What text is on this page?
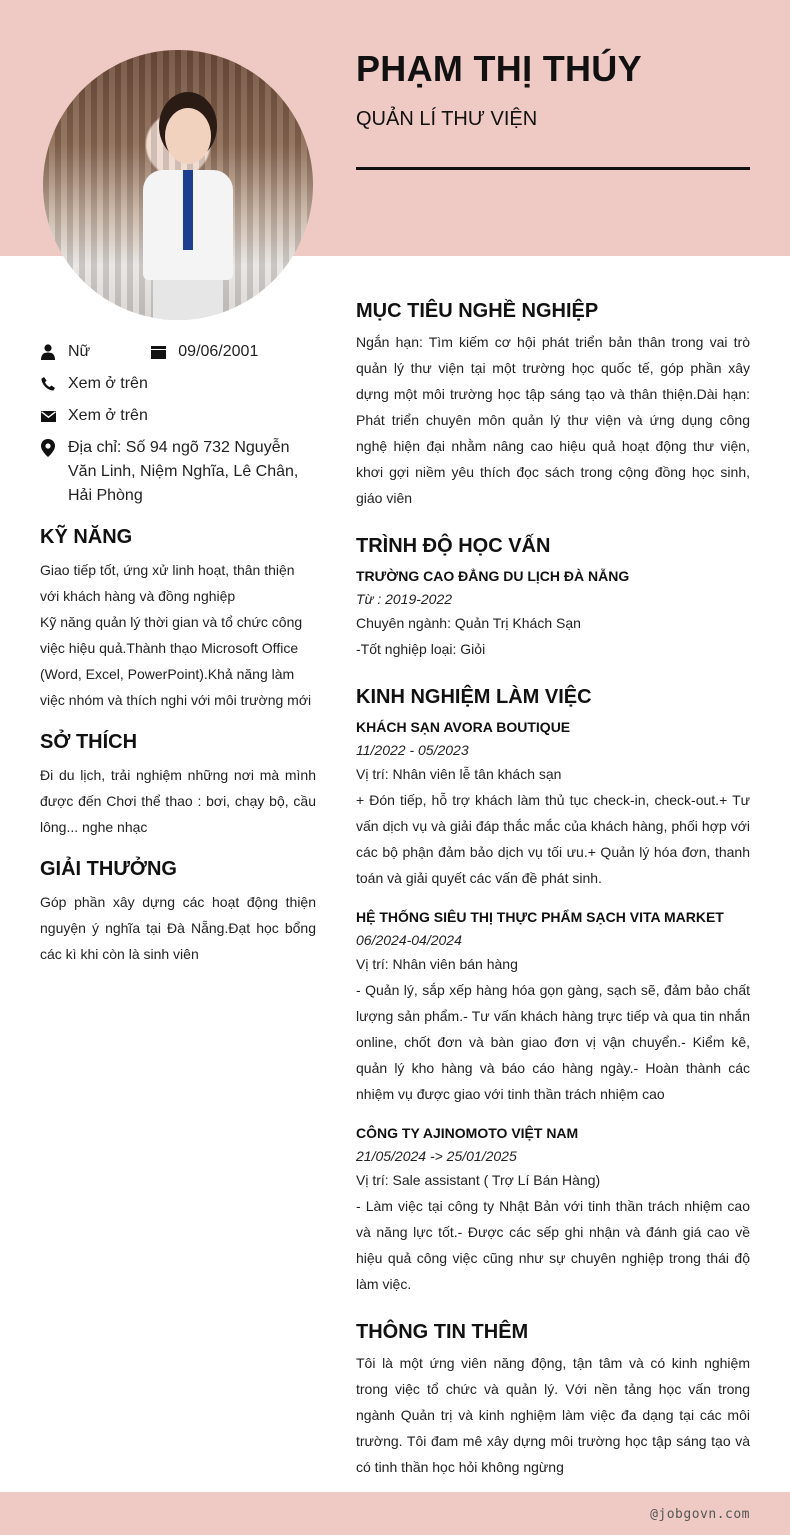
PHẠM THỊ THÚY
QUẢN LÍ THƯ VIỆN
Nữ	09/06/2001
Xem ở trên
Xem ở trên
Địa chỉ: Số 94 ngõ 732 Nguyễn Văn Linh, Niệm Nghĩa, Lê Chân, Hải Phòng
KỸ NĂNG
Giao tiếp tốt, ứng xử linh hoạt, thân thiện với khách hàng và đồng nghiệp
Kỹ năng quản lý thời gian và tổ chức công việc hiệu quả.Thành thạo Microsoft Office (Word, Excel, PowerPoint).Khả năng làm việc nhóm và thích nghi với môi trường mới
SỞ THÍCH
Đi du lịch, trải nghiệm những nơi mà mình được đến Chơi thể thao : bơi, chạy bộ, cầu lông... nghe nhạc
GIẢI THƯỞNG
Góp phần xây dựng các hoạt động thiện nguyện ý nghĩa tại Đà Nẵng.Đạt học bổng các kì khi còn là sinh viên
MỤC TIÊU NGHỀ NGHIỆP
Ngắn hạn: Tìm kiếm cơ hội phát triển bản thân trong vai trò quản lý thư viện tại một trường học quốc tế, góp phần xây dựng một môi trường học tập sáng tạo và thân thiện.Dài hạn: Phát triển chuyên môn quản lý thư viện và ứng dụng công nghệ hiện đại nhằm nâng cao hiệu quả hoạt động thư viện, khơi gợi niềm yêu thích đọc sách trong cộng đồng học sinh, giáo viên
TRÌNH ĐỘ HỌC VẤN
TRƯỜNG CAO ĐẲNG DU LỊCH ĐÀ NẴNG
Từ : 2019-2022
Chuyên ngành: Quản Trị Khách Sạn
-Tốt nghiệp loại: Giỏi
KINH NGHIỆM LÀM VIỆC
KHÁCH SẠN AVORA BOUTIQUE
11/2022 - 05/2023
Vị trí: Nhân viên lễ tân khách sạn
+ Đón tiếp, hỗ trợ khách làm thủ tục check-in, check-out.+ Tư vấn dịch vụ và giải đáp thắc mắc của khách hàng, phối hợp với các bộ phận đảm bảo dịch vụ tối ưu.+ Quản lý hóa đơn, thanh toán và giải quyết các vấn đề phát sinh.
HỆ THỐNG SIÊU THỊ THỰC PHẨM SẠCH VITA MARKET
06/2024-04/2024
Vị trí: Nhân viên bán hàng
- Quản lý, sắp xếp hàng hóa gọn gàng, sạch sẽ, đảm bảo chất lượng sản phẩm.- Tư vấn khách hàng trực tiếp và qua tin nhắn online, chốt đơn và bàn giao đơn vị vận chuyển.- Kiểm kê, quản lý kho hàng và báo cáo hàng ngày.- Hoàn thành các nhiệm vụ được giao với tinh thần trách nhiệm cao
CÔNG TY AJINOMOTO VIỆT NAM
21/05/2024 -> 25/01/2025
Vị trí: Sale assistant ( Trợ Lí Bán Hàng)
- Làm việc tại công ty Nhật Bản với tinh thần trách nhiệm cao và năng lực tốt.- Được các sếp ghi nhận và đánh giá cao về hiệu quả công việc cũng như sự chuyên nghiệp trong thái độ làm việc.
THÔNG TIN THÊM
Tôi là một ứng viên năng động, tận tâm và có kinh nghiệm trong việc tổ chức và quản lý. Với nền tảng học vấn trong ngành Quản trị và kinh nghiệm làm việc đa dạng tại các môi trường. Tôi đam mê xây dựng môi trường học tập sáng tạo và có tinh thần học hỏi không ngừng
@jobgovn.com
